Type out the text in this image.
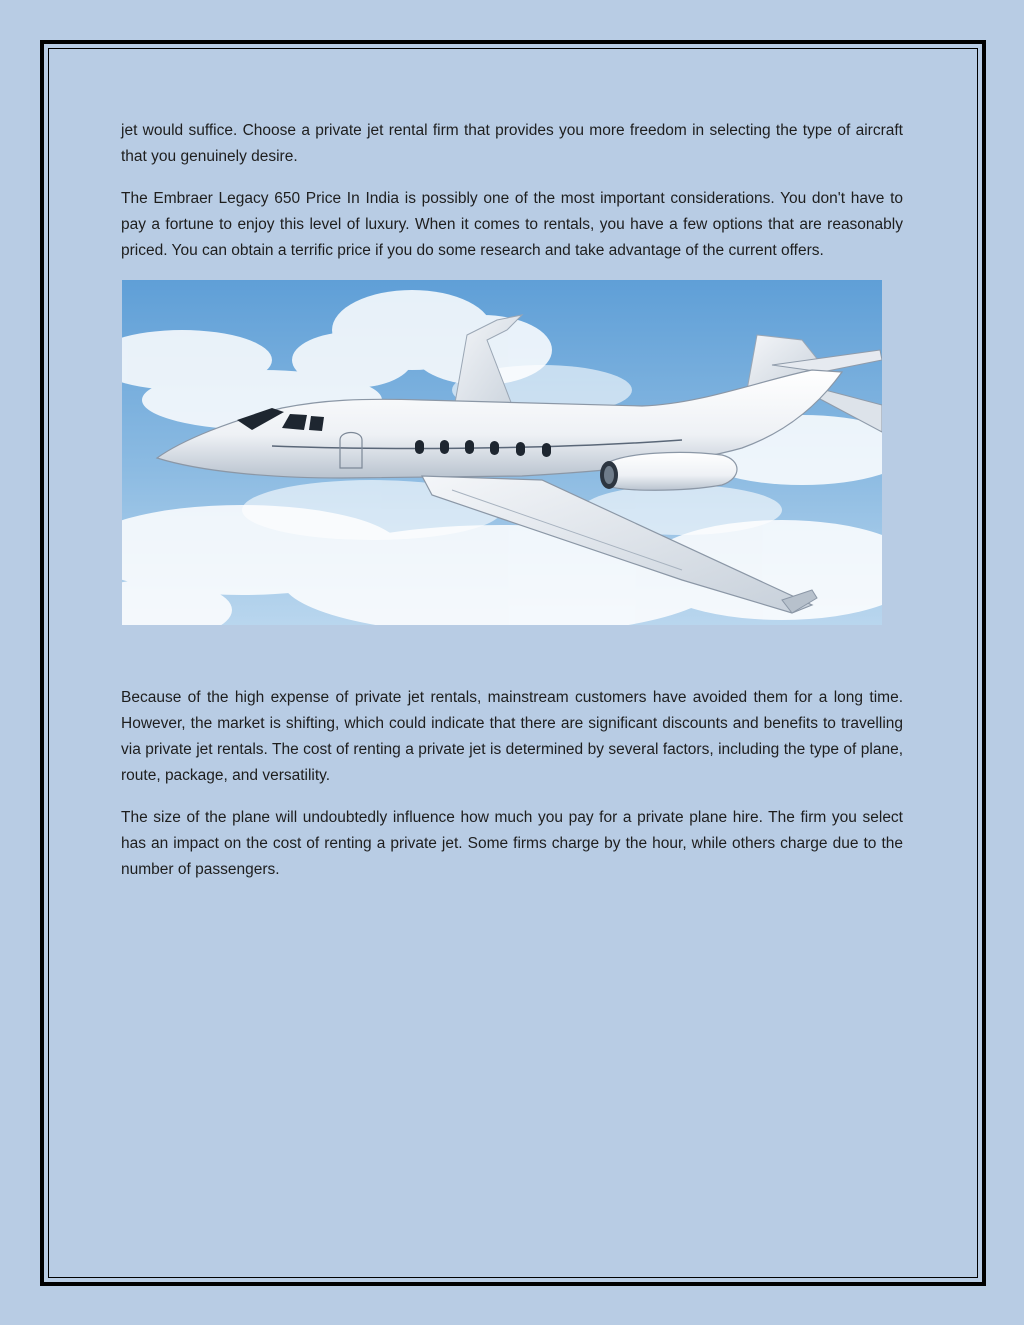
jet would suffice. Choose a private jet rental firm that provides you more freedom in selecting the type of aircraft that you genuinely desire.

The Embraer Legacy 650 Price In India is possibly one of the most important considerations. You don't have to pay a fortune to enjoy this level of luxury. When it comes to rentals, you have a few options that are reasonably priced. You can obtain a terrific price if you do some research and take advantage of the current offers.

Because of the high expense of private jet rentals, mainstream customers have avoided them for a long time. However, the market is shifting, which could indicate that there are significant discounts and benefits to travelling via private jet rentals. The cost of renting a private jet is determined by several factors, including the type of plane, route, package, and versatility.

The size of the plane will undoubtedly influence how much you pay for a private plane hire. The firm you select has an impact on the cost of renting a private jet. Some firms charge by the hour, while others charge due to the number of passengers.
